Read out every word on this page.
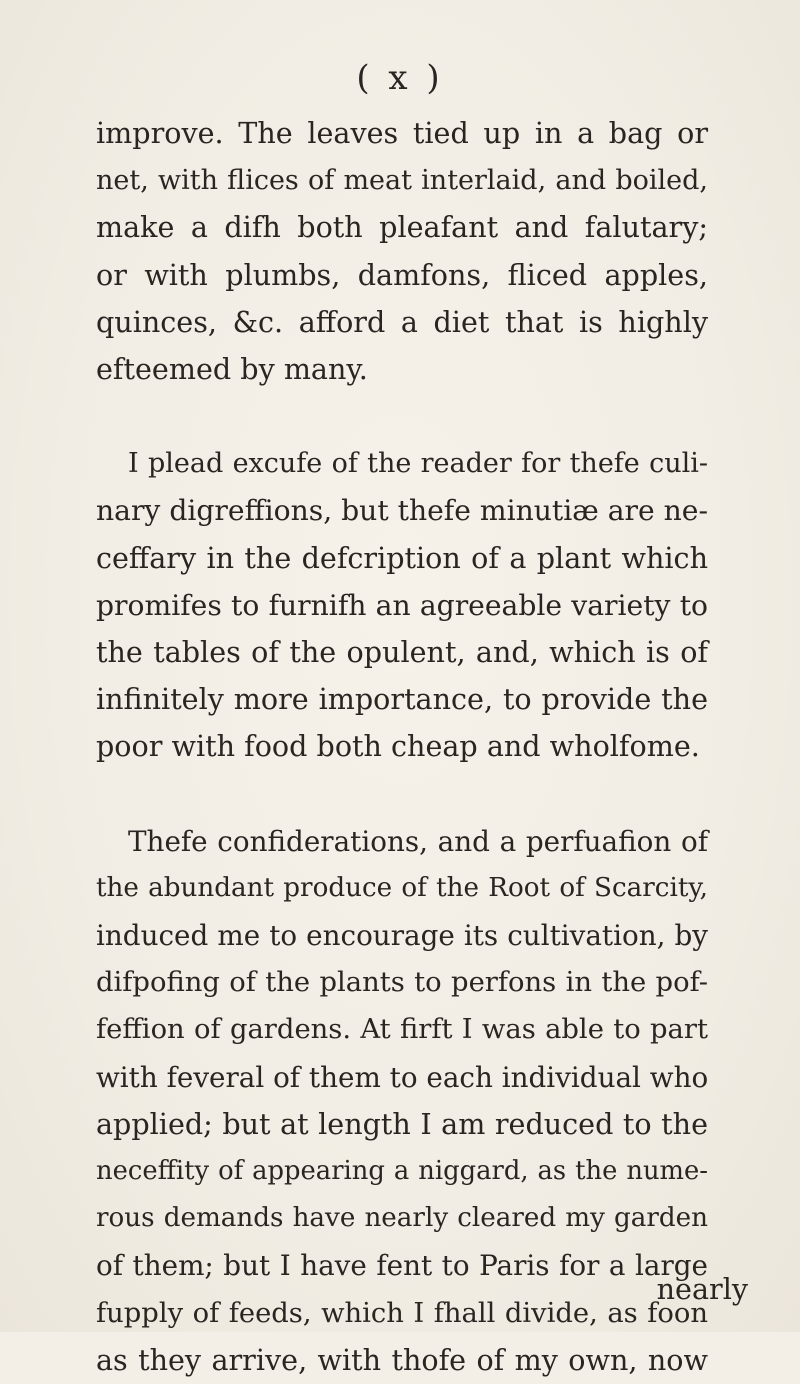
( x )
improve. The leaves tied up in a bag or
net, with flices of meat interlaid, and boiled,
make a difh both pleafant and falutary;
or with plumbs, damfons, fliced apples,
quinces, &c. afford a diet that is highly
efteemed by many.
I plead excufe of the reader for thefe culi-
nary digreffions, but thefe minutiæ are ne-
ceffary in the defcription of a plant which
promifes to furnifh an agreeable variety to
the tables of the opulent, and, which is of
infinitely more importance, to provide the
poor with food both cheap and wholfome.
Thefe confiderations, and a perfuafion of
the abundant produce of the Root of Scarcity,
induced me to encourage its cultivation, by
difpofing of the plants to perfons in the pof-
feffion of gardens. At firft I was able to part
with feveral of them to each individual who
applied; but at length I am reduced to the
neceffity of appearing a niggard, as the nume-
rous demands have nearly cleared my garden
of them; but I have fent to Paris for a large
fupply of feeds, which I fhall divide, as foon
as they arrive, with thofe of my own, now
nearly
